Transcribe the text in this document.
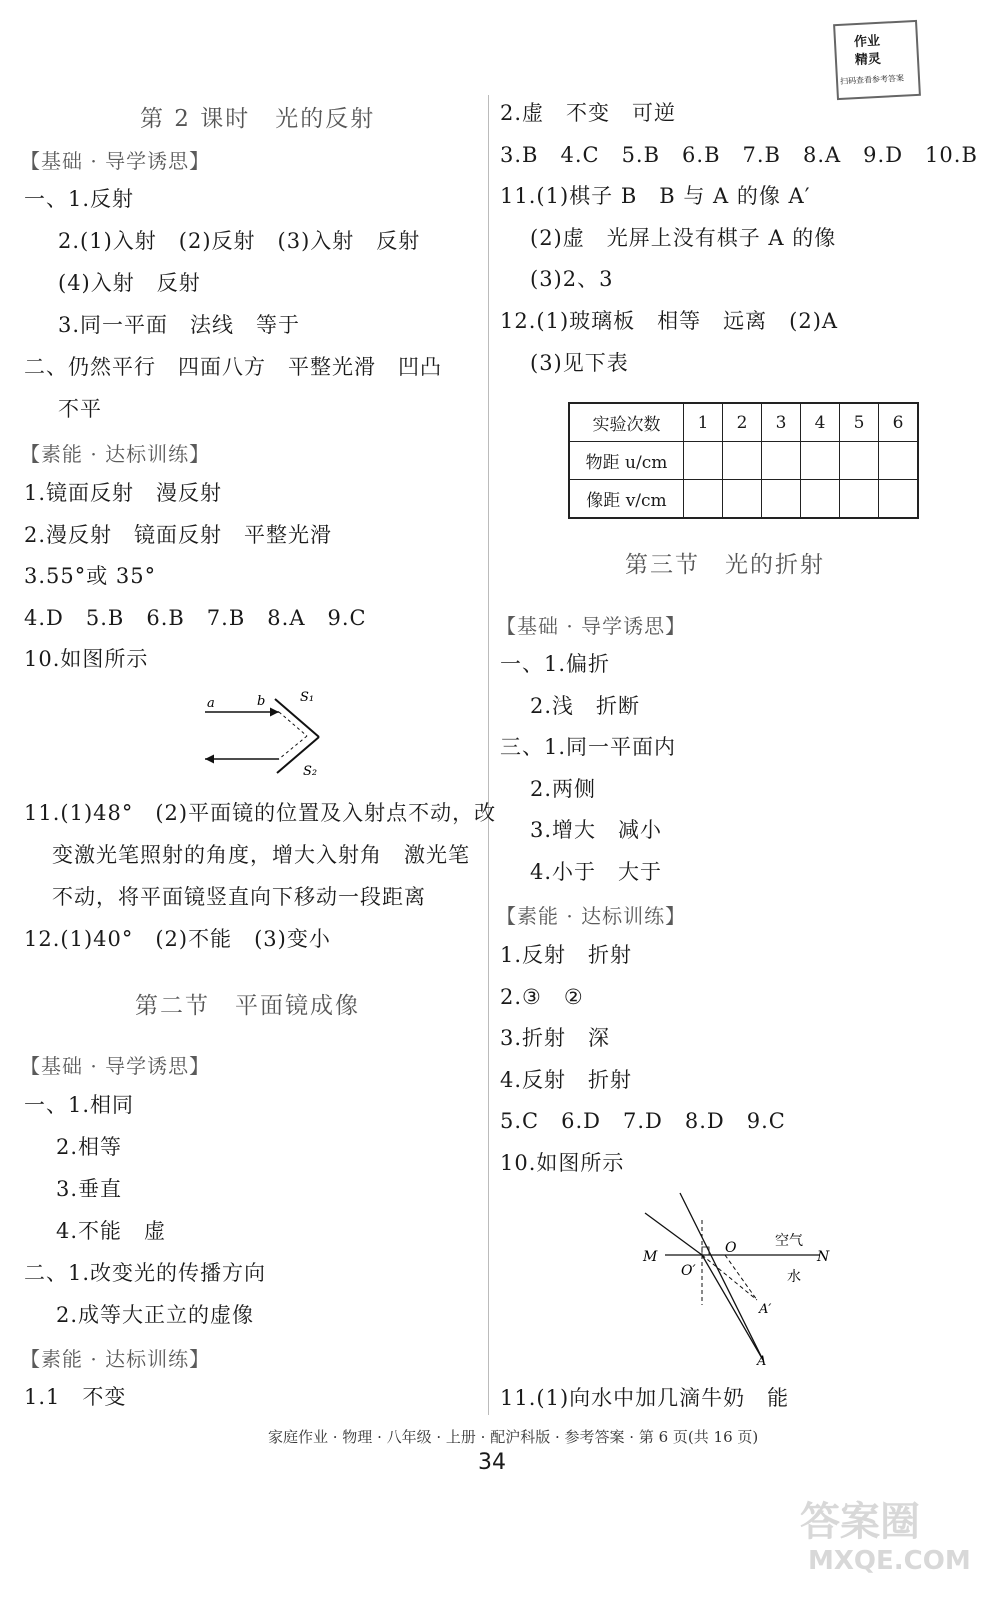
作业
精灵
扫码查看参考答案
第 2 课时　光的反射
【基础 · 导学诱思】
一、1.反射
2.(1)入射　(2)反射　(3)入射　反射
(4)入射　反射
3.同一平面　法线　等于
二、仍然平行　四面八方　平整光滑　凹凸
不平
【素能 · 达标训练】
1.镜面反射　漫反射
2.漫反射　镜面反射　平整光滑
3.55°或 35°
4.D　5.B　6.B　7.B　8.A　9.C
10.如图所示
a	b	S₁
S₂
11.(1)48°　(2)平面镜的位置及入射点不动，改
变激光笔照射的角度，增大入射角　激光笔
不动，将平面镜竖直向下移动一段距离
12.(1)40°　(2)不能　(3)变小
第二节　平面镜成像
【基础 · 导学诱思】
一、1.相同
2.相等
3.垂直
4.不能　虚
二、1.改变光的传播方向
2.成等大正立的虚像
【素能 · 达标训练】
1.1　不变
2.虚　不变　可逆
3.B　4.C　5.B　6.B　7.B　8.A　9.D　10.B
11.(1)棋子 B　B 与 A 的像 A′
(2)虚　光屏上没有棋子 A 的像
(3)2、3
12.(1)玻璃板　相等　远离　(2)A
(3)见下表
实验次数	1	2	3	4	5	6
物距 u/cm						
像距 v/cm						
第三节　光的折射
【基础 · 导学诱思】
一、1.偏折
2.浅　折断
三、1.同一平面内
2.两侧
3.增大　减小
4.小于　大于
【素能 · 达标训练】
1.反射　折射
2.③　②
3.折射　深
4.反射　折射
5.C　6.D　7.D　8.D　9.C
10.如图所示
M	N
O
O′
空气
水
A′
A
11.(1)向水中加几滴牛奶　能
家庭作业 · 物理 · 八年级 · 上册 · 配沪科版 · 参考答案 · 第 6 页(共 16 页)
34
答案圈
MXQE.COM
